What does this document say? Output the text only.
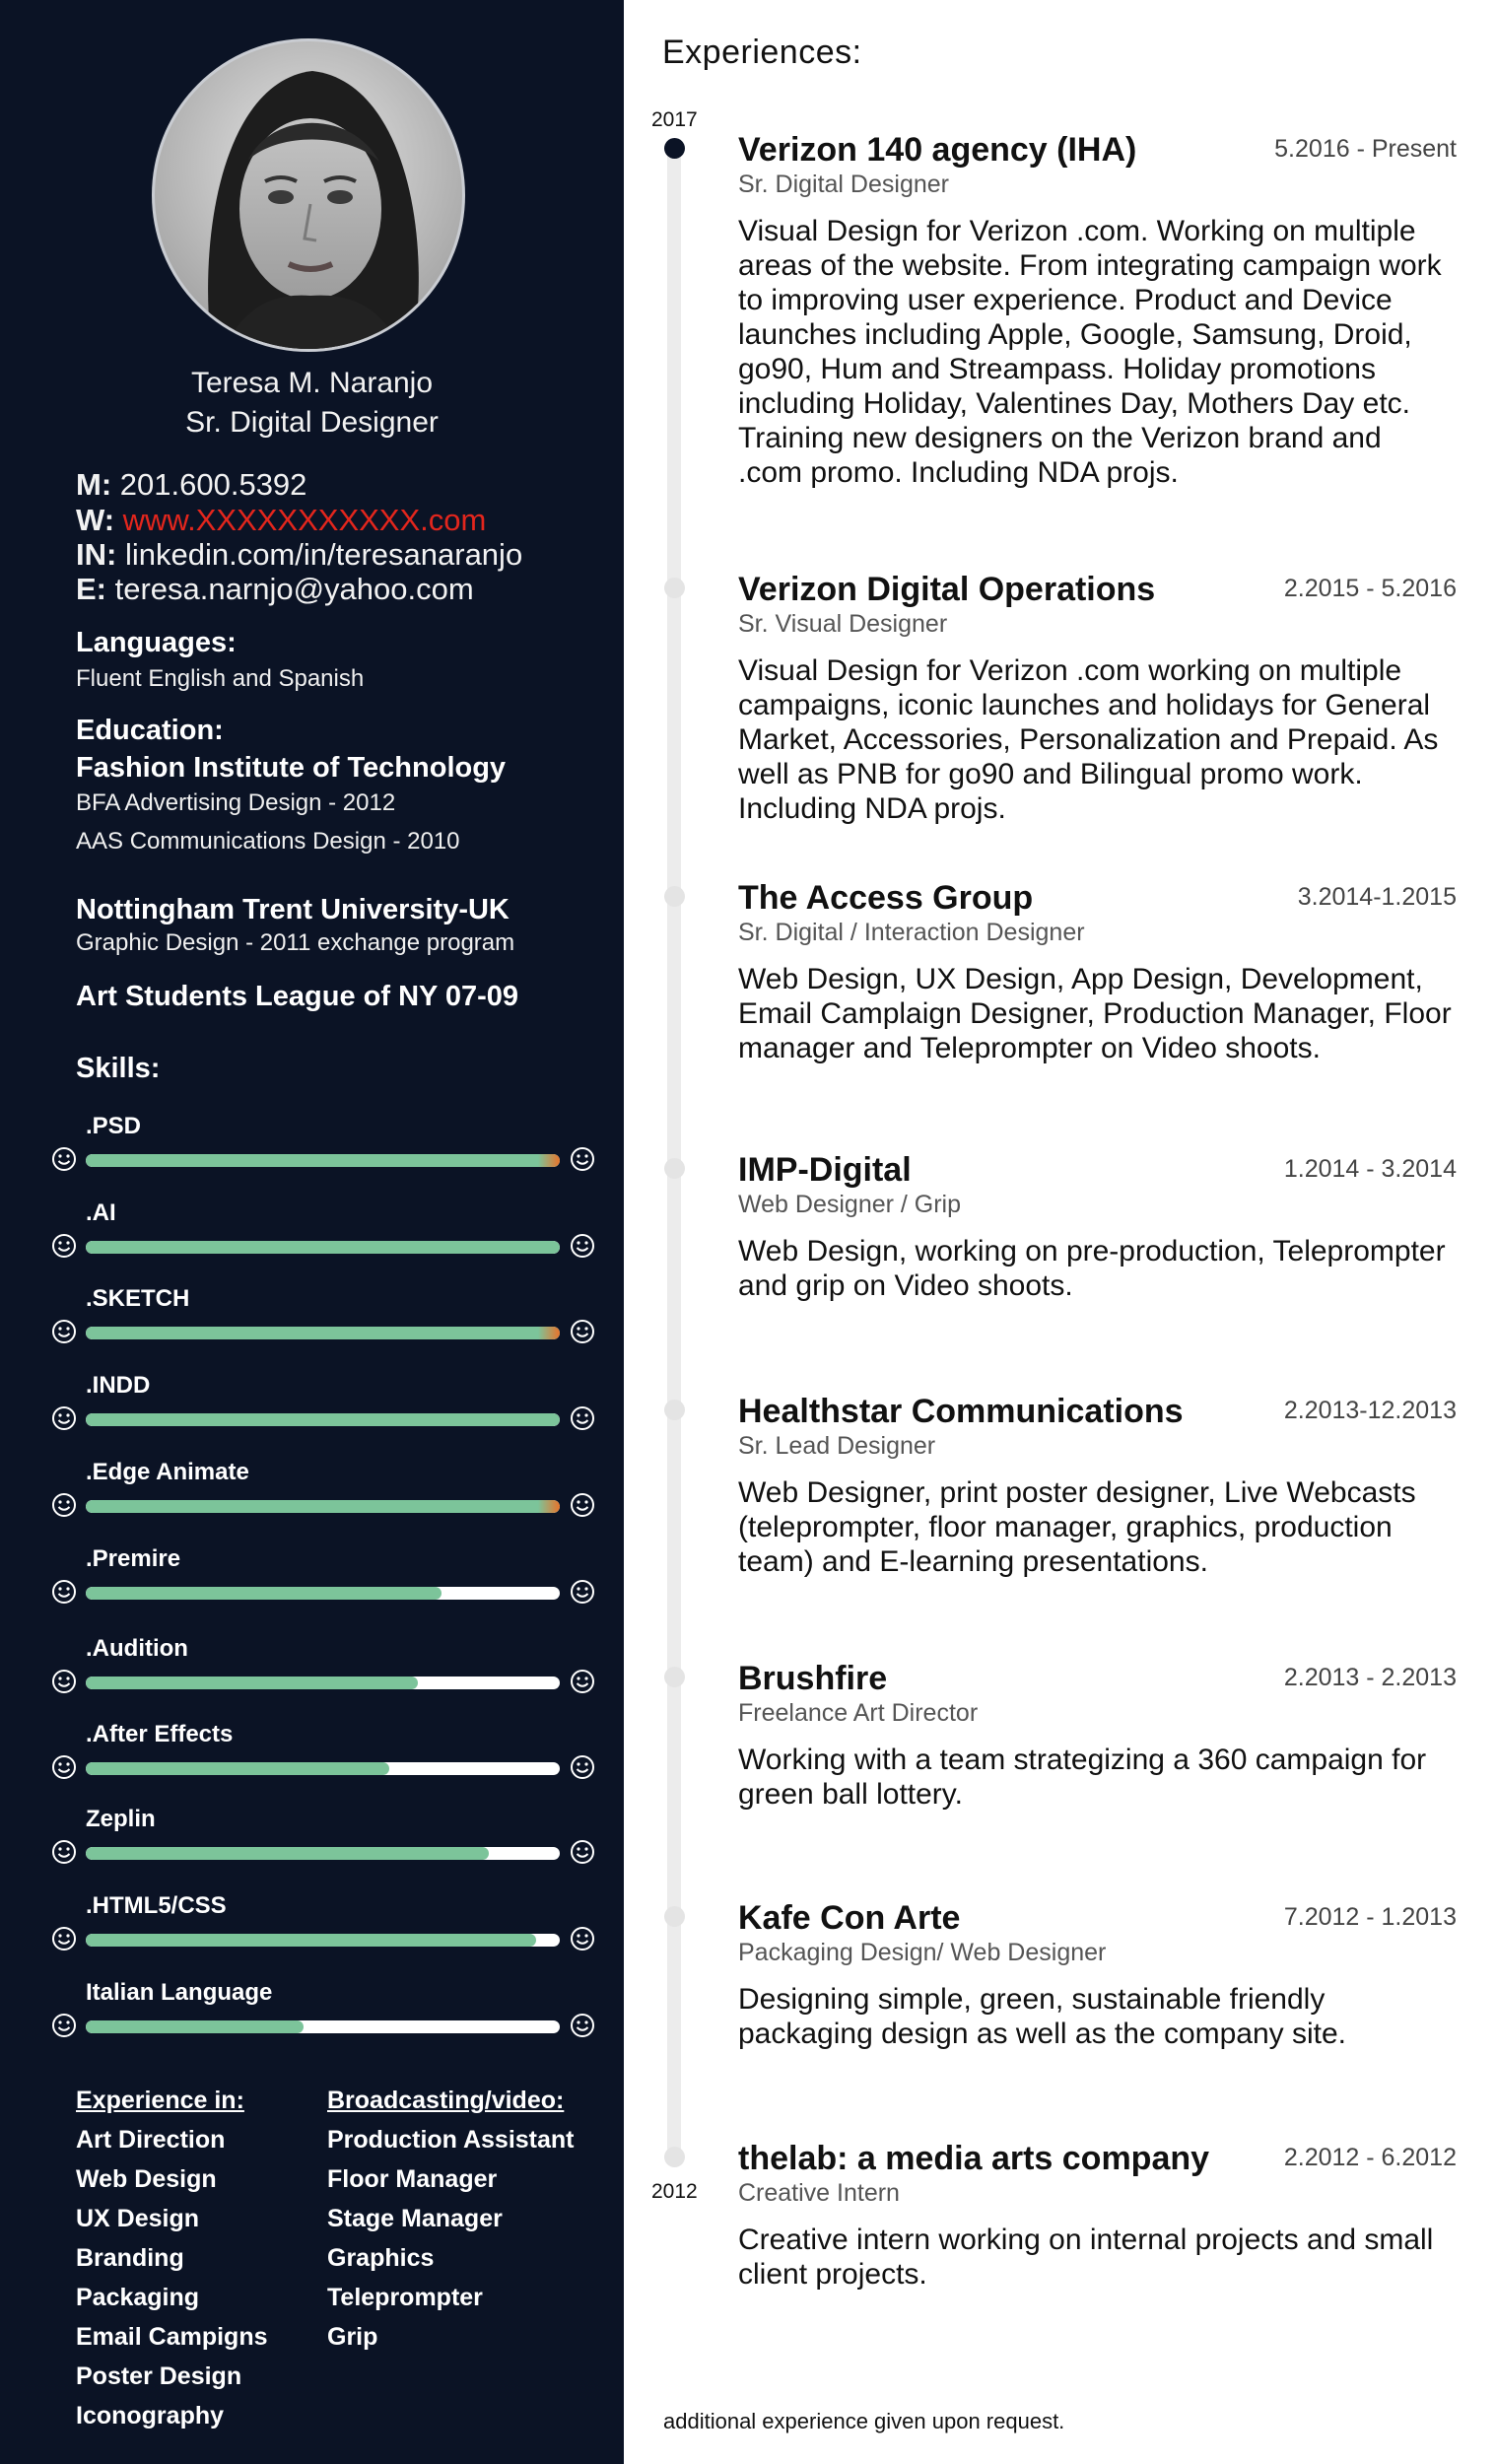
Teresa M. Naranjo
Sr. Digital Designer
M: 201.600.5392
W: www.XXXXXXXXXXX.com
IN: linkedin.com/in/teresanaranjo
E: teresa.narnjo@yahoo.com
Languages:
Fluent English and Spanish
Education:
Fashion Institute of Technology
BFA Advertising Design - 2012
AAS Communications Design - 2010
Nottingham Trent University-UK
Graphic Design - 2011 exchange program
Art Students League of NY 07-09
Skills:
.PSD
.AI
.SKETCH
.INDD
.Edge Animate
.Premire
.Audition
.After Effects
Zeplin
.HTML5/CSS
Italian Language
Experience in:
Art Direction
Web Design
UX Design
Branding
Packaging
Email Campigns
Poster Design
Iconography
Broadcasting/video:
Production Assistant
Floor Manager
Stage Manager
Graphics
Teleprompter
Grip
Experiences:
2017
2012
Verizon 140 agency (IHA)	5.2016 - Present
Sr. Digital Designer
Visual Design for Verizon .com. Working on multiple areas of the website. From integrating campaign work to improving user experience. Product and Device launches including Apple, Google, Samsung, Droid, go90, Hum and Streampass. Holiday promotions including Holiday, Valentines Day, Mothers Day etc. Training new designers on the Verizon brand and .com promo. Including NDA projs.
Verizon Digital Operations	2.2015 - 5.2016
Sr. Visual Designer
Visual Design for Verizon .com working on multiple campaigns, iconic launches and holidays for General Market, Accessories, Personalization and Prepaid. As well as PNB for go90 and Bilingual promo work. Including NDA projs.
The Access Group	3.2014-1.2015
Sr. Digital / Interaction Designer
Web Design, UX Design, App Design, Development, Email Camplaign Designer, Production Manager, Floor manager and Teleprompter on Video shoots.
IMP-Digital	1.2014 - 3.2014
Web Designer / Grip
Web Design, working on pre-production, Teleprompter and grip on Video shoots.
Healthstar Communications	2.2013-12.2013
Sr. Lead Designer
Web Designer, print poster designer, Live Webcasts (teleprompter, floor manager, graphics, production team) and E-learning presentations.
Brushfire	2.2013 - 2.2013
Freelance Art Director
Working with a team strategizing a 360 campaign for green ball lottery.
Kafe Con Arte	7.2012 - 1.2013
Packaging Design/ Web Designer
Designing simple, green, sustainable friendly packaging design as well as the company site.
thelab: a media arts company	2.2012 - 6.2012
Creative Intern
Creative intern working on internal projects and small client projects.
additional experience given upon request.
